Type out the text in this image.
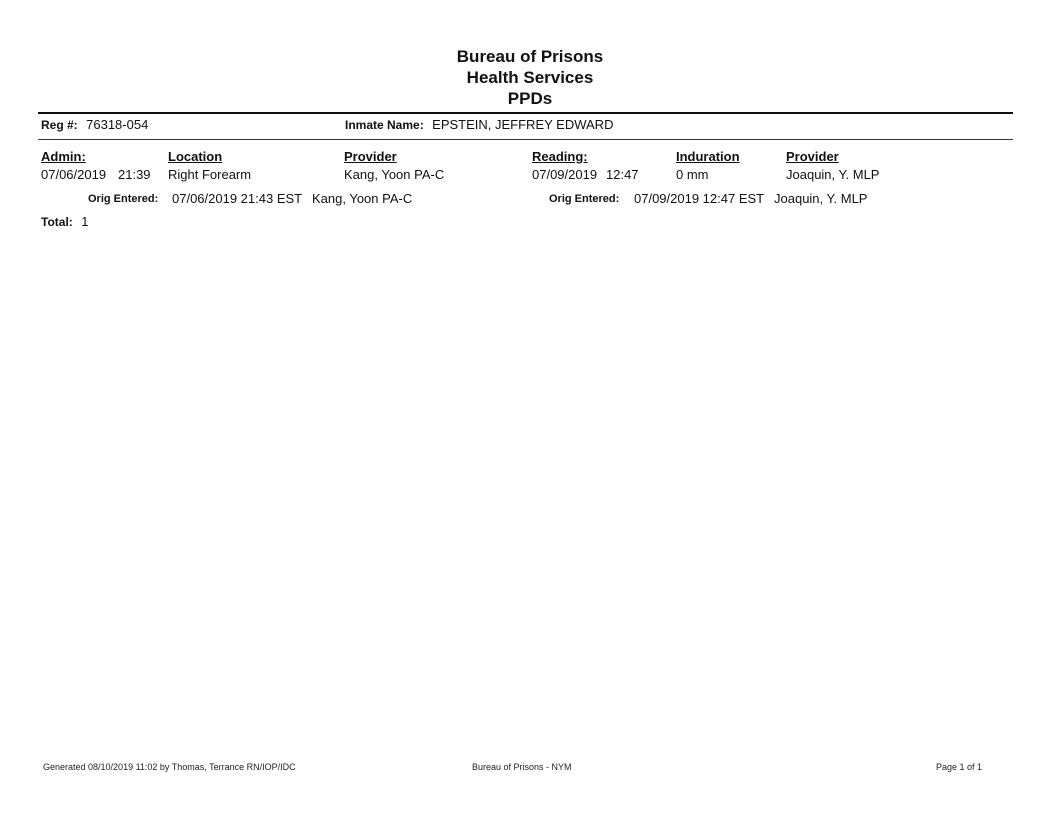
Bureau of Prisons
Health Services
PPDs
Reg #: 76318-054	Inmate Name: EPSTEIN, JEFFREY EDWARD
Admin:	Location	Provider	Reading:	Induration	Provider
07/06/2019 21:39 Right Forearm	Kang, Yoon PA-C	07/09/2019 12:47	0 mm	Joaquin, Y. MLP
Orig Entered: 07/06/2019 21:43 EST Kang, Yoon PA-C	Orig Entered: 07/09/2019 12:47 EST Joaquin, Y. MLP
Total: 1
Generated 08/10/2019 11:02 by Thomas, Terrance RN/IOP/IDC	Bureau of Prisons - NYM	Page 1 of 1
